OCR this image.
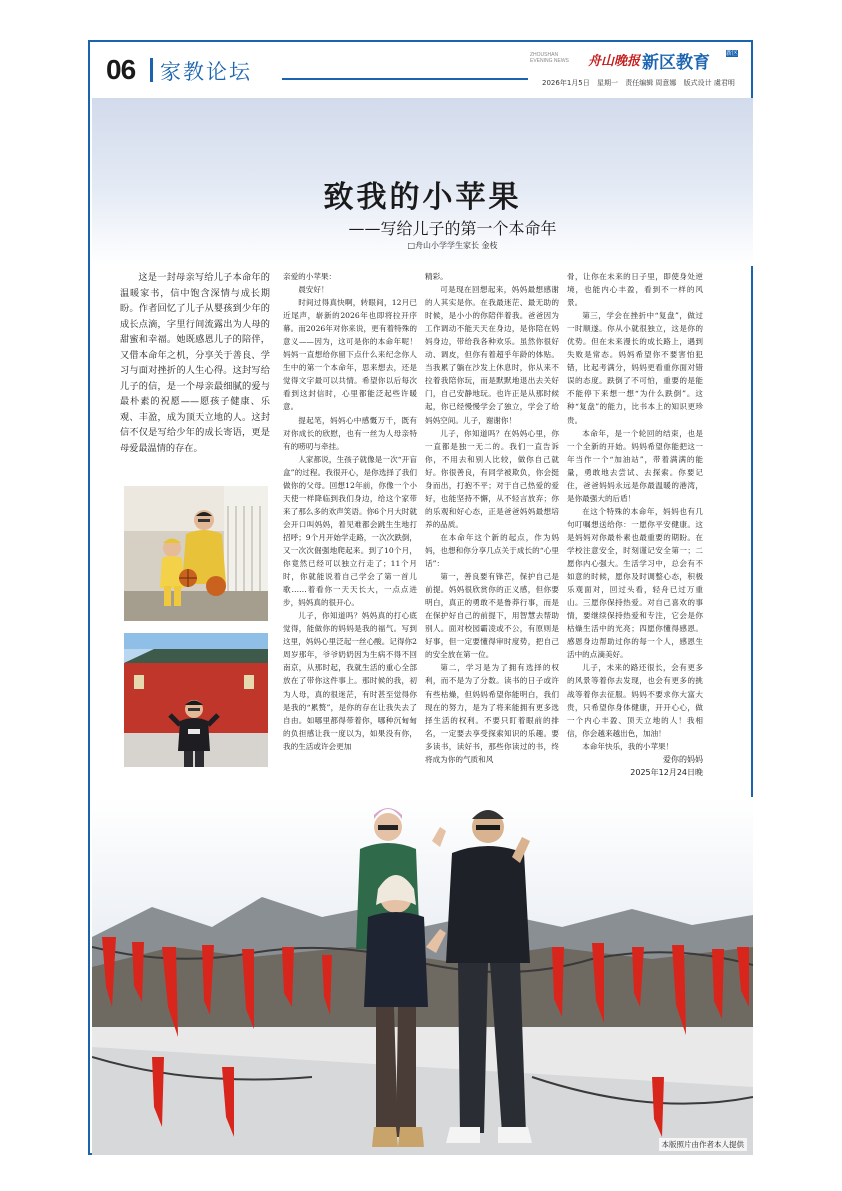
06 家教论坛
ZHOUSHAN
EVENING NEWS 舟山晚报 新区教育	新区
2026年1月5日 星期一 责任编辑 周意娜 版式设计 虞君明
致我的小苹果
——写给儿子的第一个本命年
□舟山小学学生家长 金枝
这是一封母亲写给儿子本命年的温暖家书，信中饱含深情与成长期盼。作者回忆了儿子从婴孩到少年的成长点滴，字里行间流露出为人母的甜蜜和幸福。她既感恩儿子的陪伴，又借本命年之机，分享关于善良、学习与面对挫折的人生心得。这封写给儿子的信，是一个母亲最细腻的爱与最朴素的祝愿——愿孩子健康、乐观、丰盈，成为顶天立地的人。这封信不仅是写给少年的成长寄语，更是母爱最温情的存在。

亲爱的小苹果：

晨安好！

时间过得真快啊，转眼间，12月已近尾声，崭新的2026年也即将拉开序幕。而2026年对你来说，更有着特殊的意义——因为，这可是你的本命年呢！妈妈一直想给你留下点什么来纪念你人生中的第一个本命年，思来想去，还是觉得文字最可以共情。希望你以后每次看到这封信时，心里都能泛起些许暖意。

提起笔，妈妈心中感慨万千，既有对你成长的欣慰，也有一丝为人母亲特有的唠叨与牵挂。

人家都说，生孩子就像是一次“开盲盒”的过程。我很开心，是你选择了我们做你的父母。回想12年前，你像一个小天使一样降临到我们身边，给这个家带来了那么多的欢声笑语。你6个月大时就会开口叫妈妈，着见难都会跳生生地打招呼；9个月开始学走路，一次次跌倒，又一次次倔强地爬起来。到了10个月，你竟然已经可以独立行走了；11个月时，你就能说着自己学会了第一首儿歌……着看你一天天长大，一点点进步，妈妈真的很开心。

儿子，你知道吗？妈妈真的打心底觉得，能做你的妈妈是我的福气。写到这里，妈妈心里泛起一丝心酸。记得你2周岁那年，爷爷奶奶因为生病不得不回南京，从那时起，我就生活的重心全部放在了带你这件事上。那时候的我，初为人母，真的很迷茫，有时甚至觉得你是我的“累赘”，是你的存在让我失去了自由。如哪里都得带着你，哪种沉甸甸的负担感让我一度以为，如果没有你，我的生活或许会更加

精彩。

可是现在回想起来，妈妈最想感谢的人其实是你。在我最迷茫、最无助的时候，是小小的你陪伴着我。爸爸因为工作调动不能天天在身边，是你陪在妈妈身边，带给我各种欢乐。虽然你很好动、调皮，但你有着超乎年龄的体贴。当我累了躺在沙发上休息时，你从来不拉着我陪你玩，而是默默地退出去关好门，自己安静地玩。也许正是从那时候起，你已经慢慢学会了独立，学会了给妈妈空间。儿子，谢谢你！

儿子，你知道吗？在妈妈心里，你一直都是独一无二的。我们一直告诉你，不用去和别人比较，做你自己就好。你很善良，有同学被欺负，你会挺身而出，打抱不平；对于自己热爱的爱好，也能坚持不懈，从不轻言放弃；你的乐观和好心态，正是爸爸妈妈最想培养的品质。

在本命年这个新的起点，作为妈妈，也想和你分享几点关于成长的“心里话”：

第一，善良要有锋芒，保护自己是前提。妈妈很欣赏你的正义感，但你要明白，真正的勇敢不是鲁莽行事，而是在保护好自己的前提下，用智慧去帮助别人。面对校园霸凌或不公，有原则是好事，但一定要懂得审时度势，把自己的安全放在第一位。

第二，学习是为了拥有选择的权利，而不是为了分数。读书的日子或许有些枯燥，但妈妈希望你能明白，我们现在的努力，是为了将来能拥有更多选择生活的权利。不要只盯着眼前的排名，一定要去享受探索知识的乐趣。要多读书，读好书，那些你读过的书，终将成为你的气质和风

骨，让你在未来的日子里，即使身处逆境，也能内心丰盈，看到不一样的风景。

第三，学会在挫折中“复盘”，做过一时顺遂。你从小就很独立，这是你的优势。但在未来漫长的成长路上，遇到失败是常态。妈妈希望你不要害怕犯错，比起考满分，妈妈更看重你面对错误的态度。跌倒了不可怕，重要的是能不能停下来想一想“为什么跌倒”。这种“复盘”的能力，比书本上的知识更珍贵。

本命年，是一个轮回的结束，也是一个全新的开始。妈妈希望你能把这一年当作一个“加油站”，带着满满的能量，勇敢地去尝试、去探索。你要记住，爸爸妈妈永远是你最温暖的港湾，是你最强大的后盾！

在这个特殊的本命年，妈妈也有几句叮嘱想送给你：一愿你平安健康。这是妈妈对你最朴素也最重要的期盼。在学校注意安全，时刻谨记安全第一；二愿你内心强大。生活学习中，总会有不如意的时候，愿你及时调整心态，积极乐观面对，回过头看，轻舟已过万重山。三愿你保持热爱。对自己喜欢的事情，要继续保持热爱和专注，它会是你枯燥生活中的光亮；四愿你懂得感恩。感恩身边帮助过你的每一个人，感恩生活中的点滴美好。

儿子，未来的路还很长，会有更多的风景等着你去发现，也会有更多的挑战等着你去征服。妈妈不要求你大富大贵，只希望你身体健康，开开心心，做一个内心丰盈、顶天立地的人！我相信，你会越来越出色，加油！

本命年快乐，我的小苹果！

爱你的妈妈

2025年12月24日晚

本版照片由作者本人提供
